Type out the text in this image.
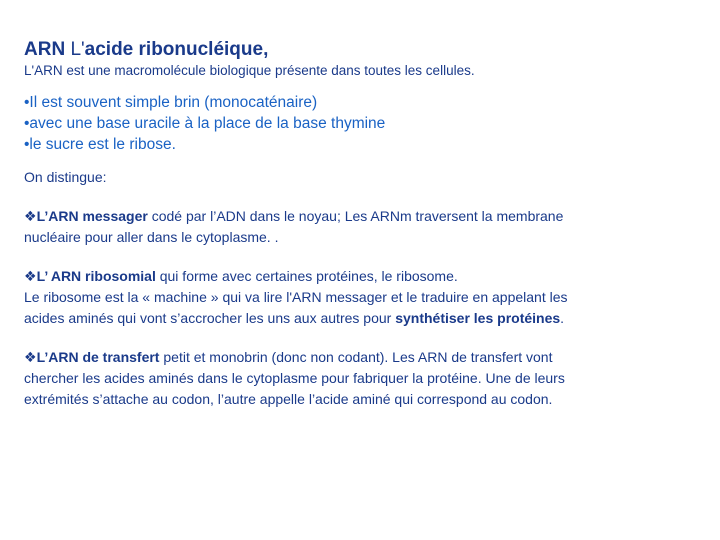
ARN L'acide ribonucléique,

L'ARN est une macromolécule biologique présente dans toutes les cellules.

•Il est souvent simple brin (monocaténaire)

•avec une base uracile à la place de la base thymine

•le sucre est le ribose.

On distingue:

❖L’ARN messager codé par l’ADN dans le noyau; Les ARNm traversent la membrane
nucléaire pour aller dans le cytoplasme. .

❖L’ ARN ribosomial qui forme avec certaines protéines, le ribosome.
Le ribosome est la « machine » qui va lire l'ARN messager et le traduire en appelant les
acides aminés qui vont s’accrocher les uns aux autres pour synthétiser les protéines.

❖L’ARN de transfert petit et monobrin (donc non codant). Les ARN de transfert vont
chercher les acides aminés dans le cytoplasme pour fabriquer la protéine. Une de leurs
extrémités s’attache au codon, l’autre appelle l’acide aminé qui correspond au codon.
